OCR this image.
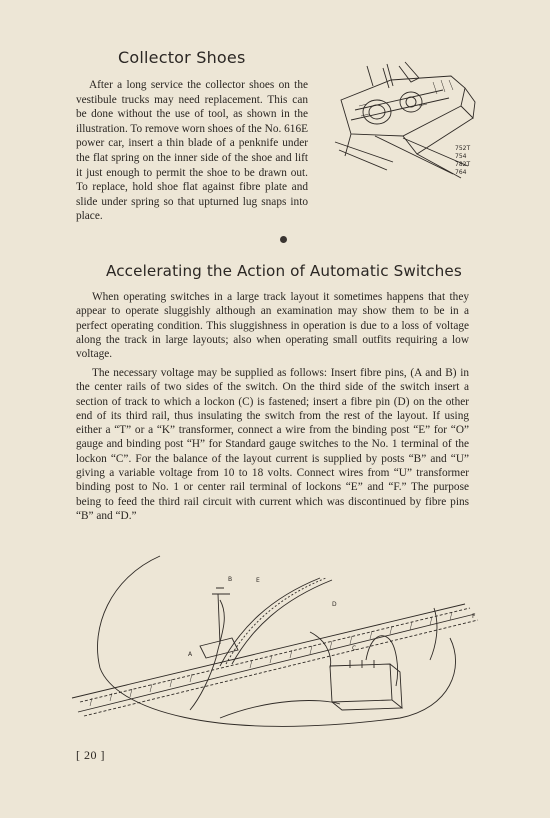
Collector Shoes

After a long service the collector shoes on the vestibule trucks may need replacement. This can be done without the use of tool, as shown in the illustration. To remove worn shoes of the No. 616E power car, insert a thin blade of a penknife under the flat spring on the inner side of the shoe and lift it just enough to permit the shoe to be drawn out. To replace, hold shoe flat against fibre plate and slide under spring so that upturned lug snaps into place.

752T
754
782T
764
Accelerating the Action of Automatic Switches

When operating switches in a large track layout it sometimes happens that they appear to operate sluggishly although an examination may show them to be in a perfect operating condition. This sluggishness in operation is due to a loss of voltage along the track in large layouts; also when operating small outfits requiring a low voltage.

The necessary voltage may be supplied as follows: Insert fibre pins, (A and B) in the center rails of two sides of the switch. On the third side of the switch insert a section of track to which a lockon (C) is fastened; insert a fibre pin (D) on the other end of its third rail, thus insulating the switch from the rest of the layout. If using either a “T” or a “K” transformer, connect a wire from the binding post “E” for “O” gauge and binding post “H” for Standard gauge switches to the No. 1 terminal of the lockon “C”. For the balance of the layout current is supplied by posts “B” and “U” giving a variable voltage from 10 to 18 volts. Connect wires from “U” transformer binding post to No. 1 or center rail terminal of lockons “E” and “F.” The purpose being to feed the third rail circuit with current which was discontinued by fibre pins “B” and “D.”

B
A
D
C
E
F
[ 20 ]
